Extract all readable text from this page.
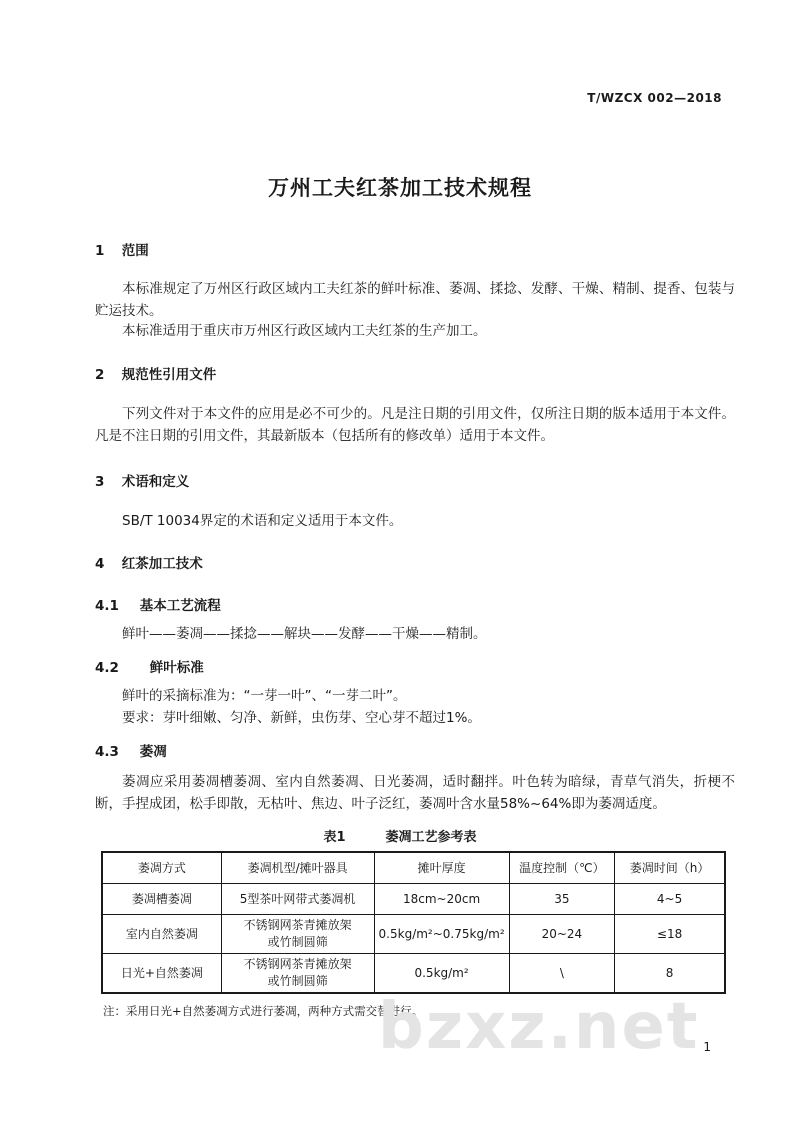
T/WZCX 002—2018
万州工夫红茶加工技术规程
1 范围
本标准规定了万州区行政区域内工夫红茶的鲜叶标准、萎凋、揉捻、发酵、干燥、精制、提香、包装与贮运技术。
本标准适用于重庆市万州区行政区域内工夫红茶的生产加工。
2 规范性引用文件
下列文件对于本文件的应用是必不可少的。凡是注日期的引用文件，仅所注日期的版本适用于本文件。凡是不注日期的引用文件，其最新版本（包括所有的修改单）适用于本文件。
3 术语和定义
SB/T 10034界定的术语和定义适用于本文件。
4 红茶加工技术
4.1 基本工艺流程
鲜叶——萎凋——揉捻——解块——发酵——干燥——精制。
4.2 鲜叶标准
鲜叶的采摘标准为：“一芽一叶”、“一芽二叶”。
要求：芽叶细嫩、匀净、新鲜，虫伤芽、空心芽不超过1%。
4.3 萎凋
萎凋应采用萎凋槽萎凋、室内自然萎凋、日光萎凋，适时翻拌。叶色转为暗绿，青草气消失，折梗不断，手捏成团，松手即散，无枯叶、焦边、叶子泛红，萎凋叶含水量58%~64%即为萎凋适度。
表1	萎凋工艺参考表
萎凋方式	萎凋机型/摊叶器具	摊叶厚度	温度控制（℃）	萎凋时间（h）
萎凋槽萎凋	5型茶叶网带式萎凋机	18cm~20cm	35	4~5
室内自然萎凋	不锈钢网茶青摊放架
或竹制圆筛	0.5kg/m²~0.75kg/m²	20~24	≤18
日光+自然萎凋	不锈钢网茶青摊放架
或竹制圆筛	0.5kg/m²	\	8
注：采用日光+自然萎凋方式进行萎凋，两种方式需交替进行。
bzxz.net 1
